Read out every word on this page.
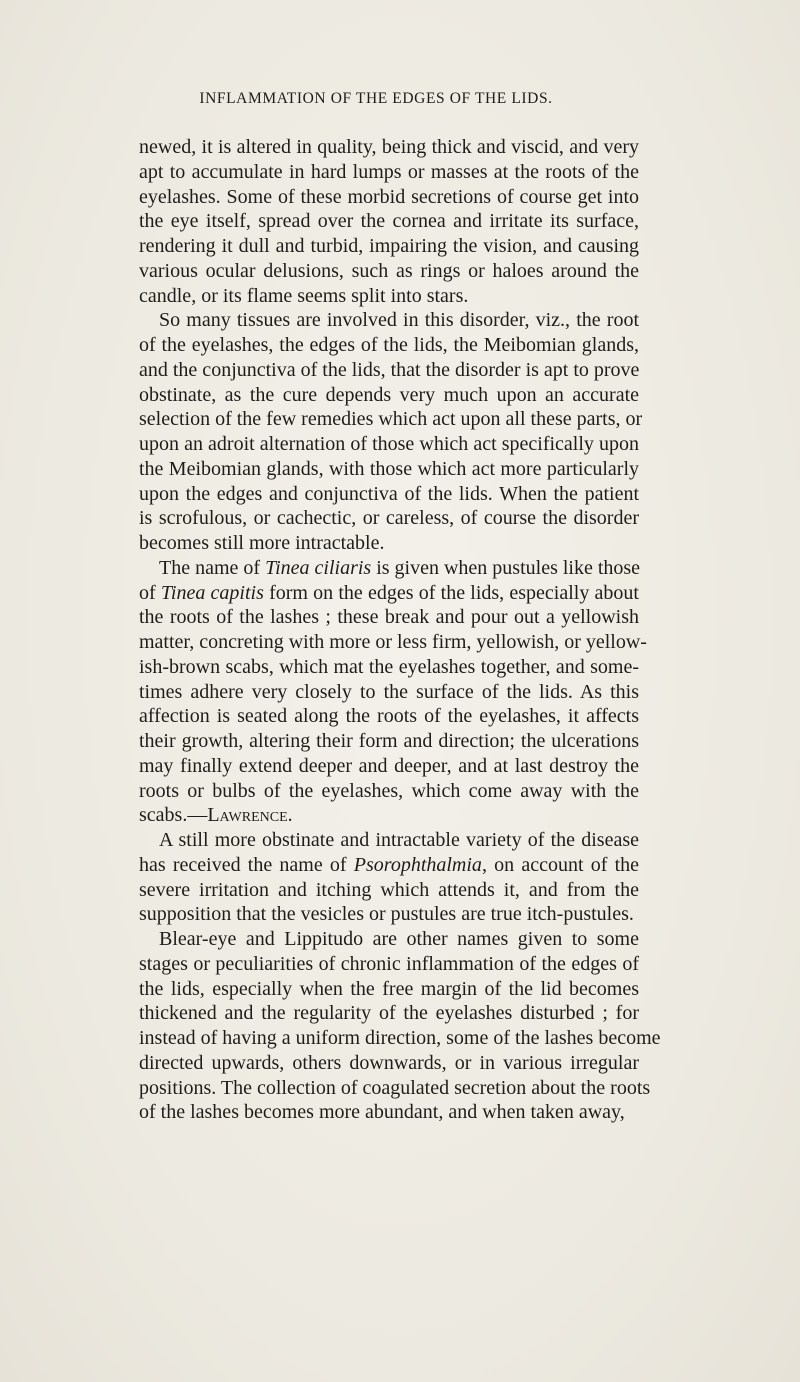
INFLAMMATION OF THE EDGES OF THE LIDS.
newed, it is altered in quality, being thick and viscid, and very
apt to accumulate in hard lumps or masses at the roots of the
eyelashes. Some of these morbid secretions of course get into
the eye itself, spread over the cornea and irritate its surface,
rendering it dull and turbid, impairing the vision, and causing
various ocular delusions, such as rings or haloes around the
candle, or its flame seems split into stars.
So many tissues are involved in this disorder, viz., the root
of the eyelashes, the edges of the lids, the Meibomian glands,
and the conjunctiva of the lids, that the disorder is apt to prove
obstinate, as the cure depends very much upon an accurate
selection of the few remedies which act upon all these parts, or
upon an adroit alternation of those which act specifically upon
the Meibomian glands, with those which act more particularly
upon the edges and conjunctiva of the lids. When the patient
is scrofulous, or cachectic, or careless, of course the disorder
becomes still more intractable.
The name of Tinea ciliaris is given when pustules like those
of Tinea capitis form on the edges of the lids, especially about
the roots of the lashes ; these break and pour out a yellowish
matter, concreting with more or less firm, yellowish, or yellow-
ish-brown scabs, which mat the eyelashes together, and some-
times adhere very closely to the surface of the lids. As this
affection is seated along the roots of the eyelashes, it affects
their growth, altering their form and direction; the ulcerations
may finally extend deeper and deeper, and at last destroy the
roots or bulbs of the eyelashes, which come away with the
scabs.—Lawrence.
A still more obstinate and intractable variety of the disease
has received the name of Psorophthalmia, on account of the
severe irritation and itching which attends it, and from the
supposition that the vesicles or pustules are true itch-pustules.
Blear-eye and Lippitudo are other names given to some
stages or peculiarities of chronic inflammation of the edges of
the lids, especially when the free margin of the lid becomes
thickened and the regularity of the eyelashes disturbed ; for
instead of having a uniform direction, some of the lashes become
directed upwards, others downwards, or in various irregular
positions. The collection of coagulated secretion about the roots
of the lashes becomes more abundant, and when taken away,
